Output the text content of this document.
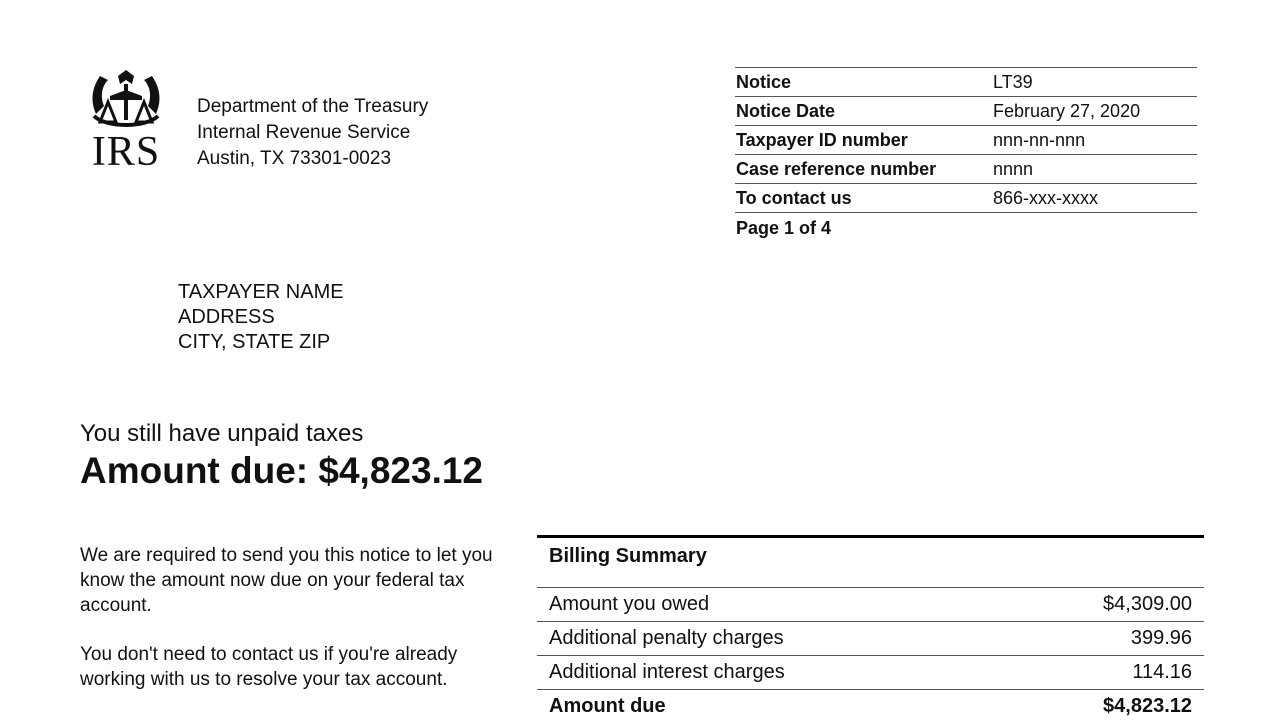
IRS
Department of the Treasury
Internal Revenue Service
Austin, TX 73301-0023
Notice	LT39
Notice Date	February 27, 2020
Taxpayer ID number	nnn-nn-nnn
Case reference number	nnnn
To contact us	866-xxx-xxxx

Page 1 of 4
TAXPAYER NAME
ADDRESS
CITY, STATE ZIP
You still have unpaid taxes
Amount due: $4,823.12

We are required to send you this notice to let you know the amount now due on your federal tax account.

You don't need to contact us if you're already working with us to resolve your tax account.

Billing Summary
Amount you owed	$4,309.00
Additional penalty charges	399.96
Additional interest charges	114.16
Amount due	$4,823.12
